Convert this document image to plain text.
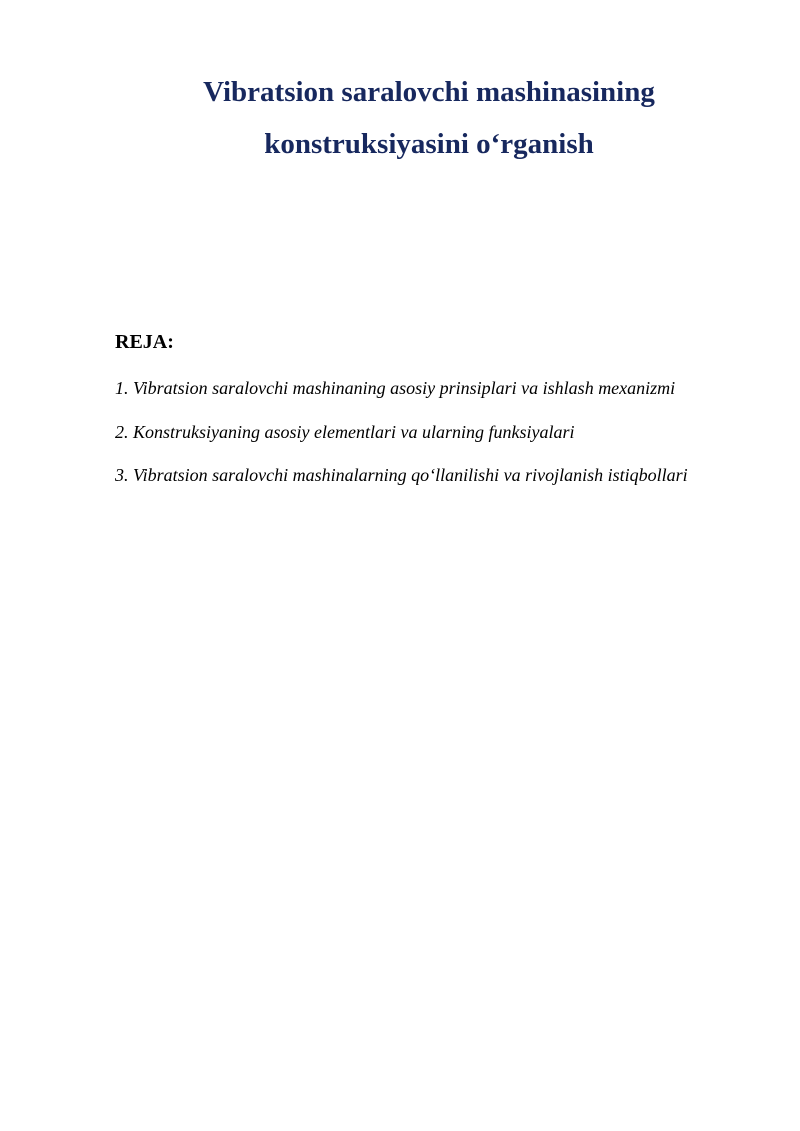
Vibratsion saralovchi mashinasining
konstruksiyasini o‘rganish
REJA:
1. Vibratsion saralovchi mashinaning asosiy prinsiplari va ishlash mexanizmi
2. Konstruksiyaning asosiy elementlari va ularning funksiyalari
3. Vibratsion saralovchi mashinalarning qo‘llanilishi va rivojlanish istiqbollari
